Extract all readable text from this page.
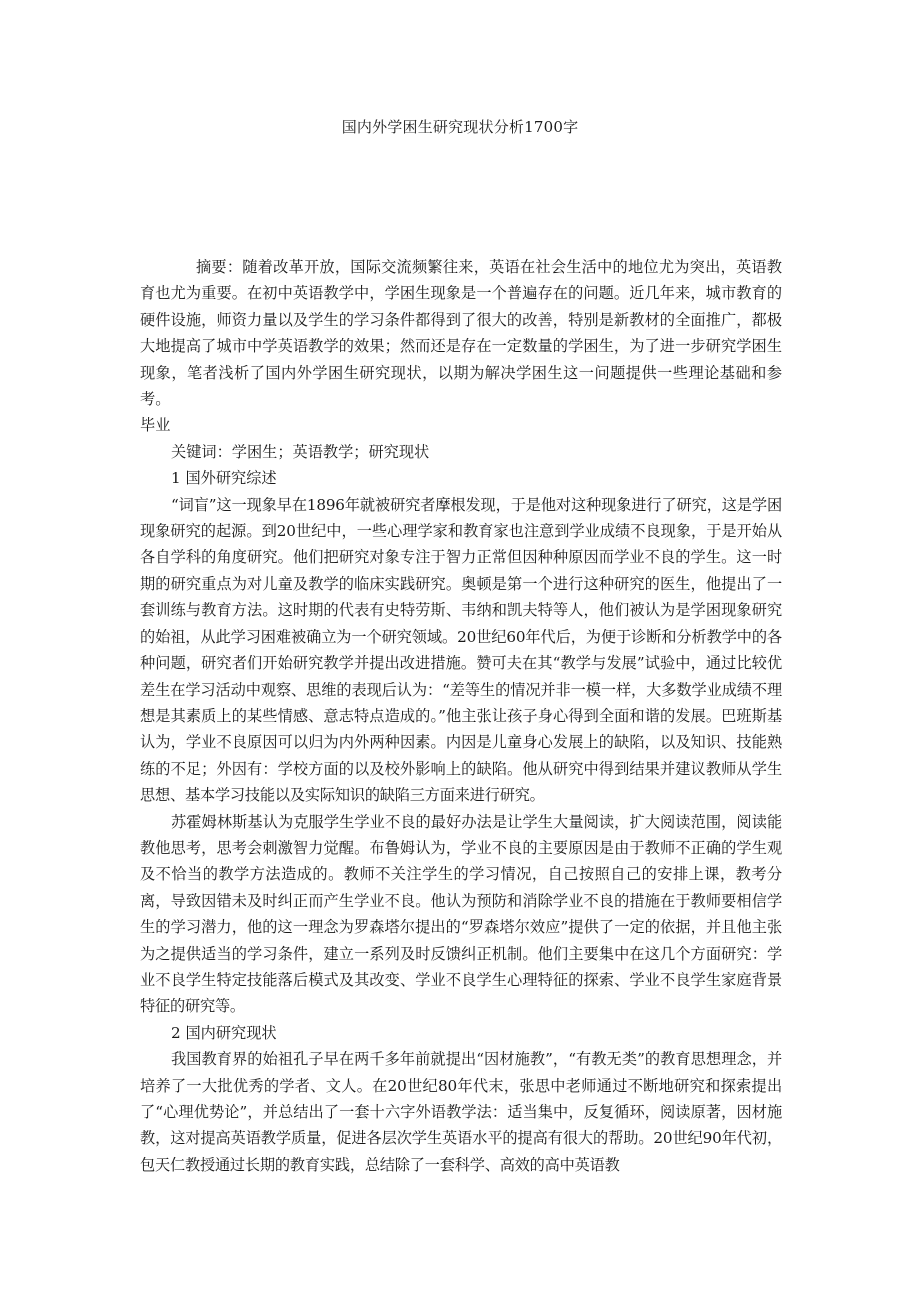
国内外学困生研究现状分析1700字

摘要：随着改革开放，国际交流频繁往来，英语在社会生活中的地位尤为突出，英语教育也尤为重要。在初中英语教学中，学困生现象是一个普遍存在的问题。近几年来，城市教育的硬件设施，师资力量以及学生的学习条件都得到了很大的改善，特别是新教材的全面推广，都极大地提高了城市中学英语教学的效果；然而还是存在一定数量的学困生，为了进一步研究学困生现象，笔者浅析了国内外学困生研究现状，以期为解决学困生这一问题提供一些理论基础和参考。

毕业

关键词：学困生；英语教学；研究现状

1 国外研究综述

“词盲”这一现象早在1896年就被研究者摩根发现，于是他对这种现象进行了研究，这是学困现象研究的起源。到20世纪中，一些心理学家和教育家也注意到学业成绩不良现象，于是开始从各自学科的角度研究。他们把研究对象专注于智力正常但因种种原因而学业不良的学生。这一时期的研究重点为对儿童及教学的临床实践研究。奥顿是第一个进行这种研究的医生，他提出了一套训练与教育方法。这时期的代表有史特劳斯、韦纳和凯夫特等人，他们被认为是学困现象研究的始祖，从此学习困难被确立为一个研究领域。20世纪60年代后，为便于诊断和分析教学中的各种问题，研究者们开始研究教学并提出改进措施。赞可夫在其“教学与发展”试验中，通过比较优差生在学习活动中观察、思维的表现后认为：“差等生的情况并非一模一样，大多数学业成绩不理想是其素质上的某些情感、意志特点造成的。”他主张让孩子身心得到全面和谐的发展。巴班斯基认为，学业不良原因可以归为内外两种因素。内因是儿童身心发展上的缺陷，以及知识、技能熟练的不足；外因有：学校方面的以及校外影响上的缺陷。他从研究中得到结果并建议教师从学生思想、基本学习技能以及实际知识的缺陷三方面来进行研究。

苏霍姆林斯基认为克服学生学业不良的最好办法是让学生大量阅读，扩大阅读范围，阅读能教他思考，思考会刺激智力觉醒。布鲁姆认为，学业不良的主要原因是由于教师不正确的学生观及不恰当的教学方法造成的。教师不关注学生的学习情况，自己按照自己的安排上课，教考分离，导致因错未及时纠正而产生学业不良。他认为预防和消除学业不良的措施在于教师要相信学生的学习潜力，他的这一理念为罗森塔尔提出的“罗森塔尔效应”提供了一定的依据，并且他主张为之提供适当的学习条件，建立一系列及时反馈纠正机制。他们主要集中在这几个方面研究：学业不良学生特定技能落后模式及其改变、学业不良学生心理特征的探索、学业不良学生家庭背景特征的研究等。

2 国内研究现状

我国教育界的始祖孔子早在两千多年前就提出“因材施教”，“有教无类”的教育思想理念，并培养了一大批优秀的学者、文人。在20世纪80年代末，张思中老师通过不断地研究和探索提出了“心理优势论”，并总结出了一套十六字外语教学法：适当集中，反复循环，阅读原著，因材施教，这对提高英语教学质量，促进各层次学生英语水平的提高有很大的帮助。20世纪90年代初，包天仁教授通过长期的教育实践，总结除了一套科学、高效的高中英语教
